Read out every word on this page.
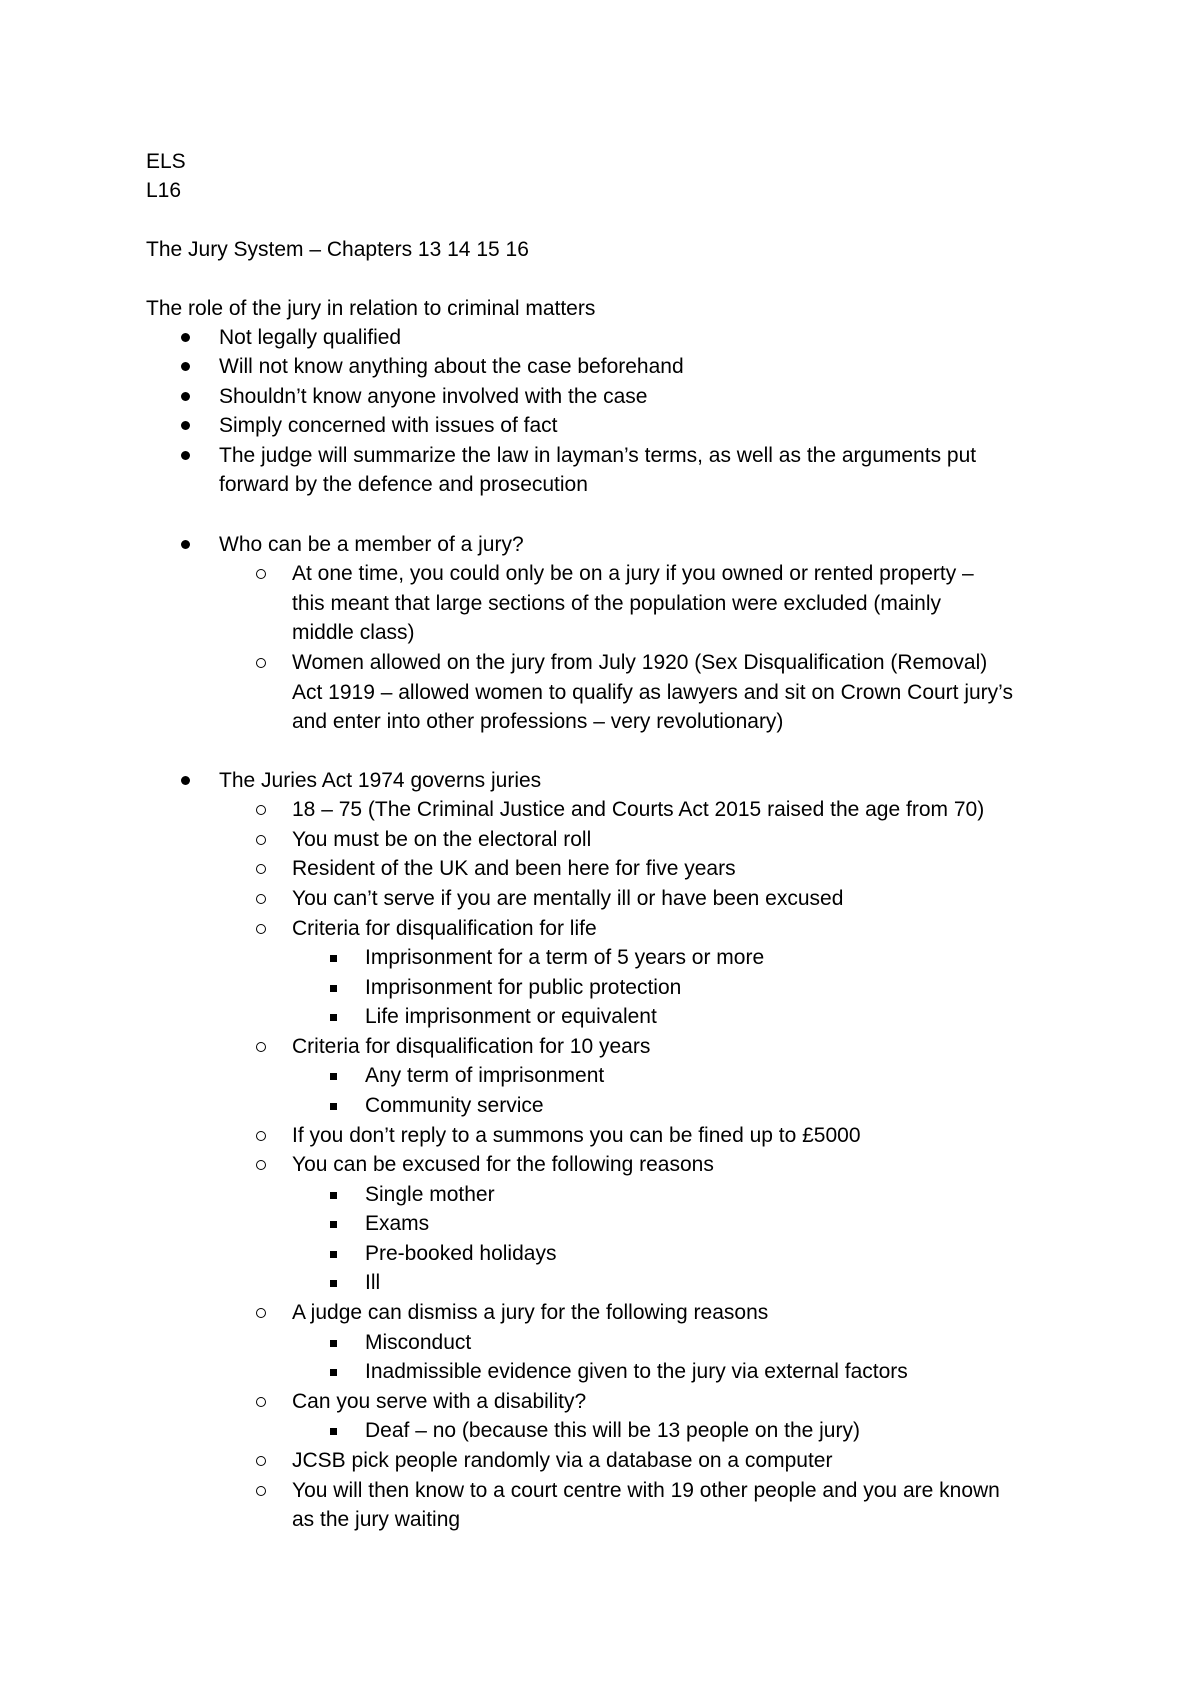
ELS
L16
The Jury System – Chapters 13 14 15 16
The role of the jury in relation to criminal matters
Not legally qualified
Will not know anything about the case beforehand
Shouldn’t know anyone involved with the case
Simply concerned with issues of fact
The judge will summarize the law in layman’s terms, as well as the arguments put
forward by the defence and prosecution
Who can be a member of a jury?
At one time, you could only be on a jury if you owned or rented property –
this meant that large sections of the population were excluded (mainly
middle class)
Women allowed on the jury from July 1920 (Sex Disqualification (Removal)
Act 1919 – allowed women to qualify as lawyers and sit on Crown Court jury’s
and enter into other professions – very revolutionary)
The Juries Act 1974 governs juries
18 – 75 (The Criminal Justice and Courts Act 2015 raised the age from 70)
You must be on the electoral roll
Resident of the UK and been here for five years
You can’t serve if you are mentally ill or have been excused
Criteria for disqualification for life
Imprisonment for a term of 5 years or more
Imprisonment for public protection
Life imprisonment or equivalent
Criteria for disqualification for 10 years
Any term of imprisonment
Community service
If you don’t reply to a summons you can be fined up to £5000
You can be excused for the following reasons
Single mother
Exams
Pre-booked holidays
Ill
A judge can dismiss a jury for the following reasons
Misconduct
Inadmissible evidence given to the jury via external factors
Can you serve with a disability?
Deaf – no (because this will be 13 people on the jury)
JCSB pick people randomly via a database on a computer
You will then know to a court centre with 19 other people and you are known
as the jury waiting
